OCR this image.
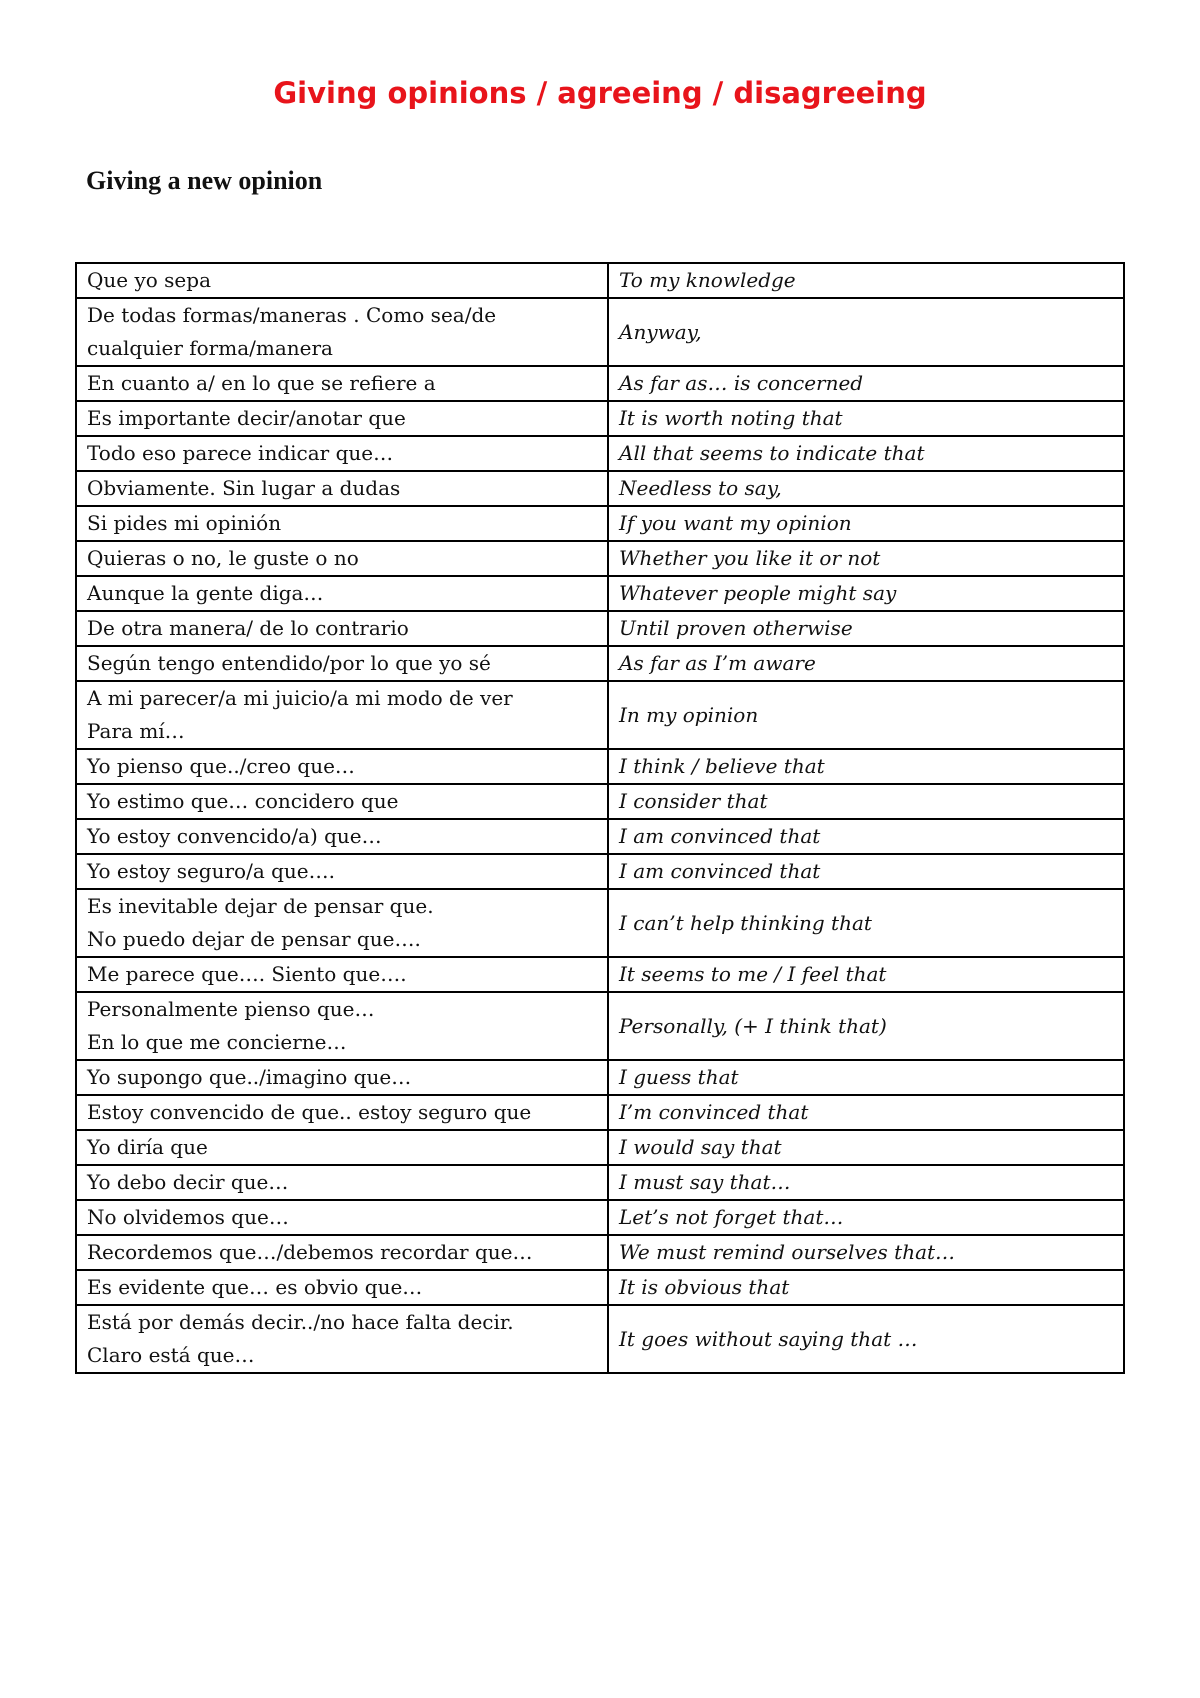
Giving opinions / agreeing / disagreeing
Giving a new opinion
Que yo sepa	To my knowledge
De todas formas/maneras . Como sea/de
cualquier forma/manera	Anyway,
En cuanto a/ en lo que se refiere a	As far as… is concerned
Es importante decir/anotar que	It is worth noting that
Todo eso parece indicar que…	All that seems to indicate that
Obviamente. Sin lugar a dudas	Needless to say,
Si pides mi opinión	If you want my opinion
Quieras o no, le guste o no	Whether you like it or not
Aunque la gente diga…	Whatever people might say
De otra manera/ de lo contrario	Until proven otherwise
Según tengo entendido/por lo que yo sé	As far as I’m aware
A mi parecer/a mi juicio/a mi modo de ver
Para mí…	In my opinion
Yo pienso que../creo que…	I think / believe that
Yo estimo que… concidero que	I consider that
Yo estoy convencido/a) que…	I am convinced that
Yo estoy seguro/a que….	I am convinced that
Es inevitable dejar de pensar que.
No puedo dejar de pensar que….	I can’t help thinking that
Me parece que…. Siento que….	It seems to me / I feel that
Personalmente pienso que…
En lo que me concierne…	Personally, (+ I think that)
Yo supongo que../imagino que…	I guess that
Estoy convencido de que.. estoy seguro que	I’m convinced that
Yo diría que	I would say that
Yo debo decir que…	I must say that…
No olvidemos que…	Let’s not forget that…
Recordemos que…/debemos recordar que…	We must remind ourselves that…
Es evidente que… es obvio que…	It is obvious that
Está por demás decir../no hace falta decir.
Claro está que…	It goes without saying that …
